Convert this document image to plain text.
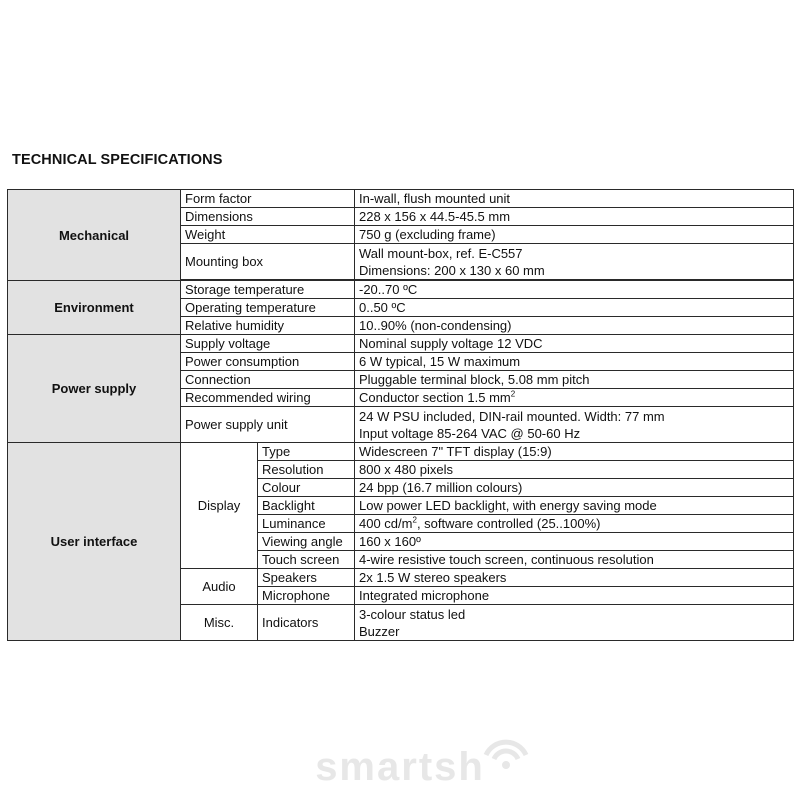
TECHNICAL SPECIFICATIONS
Mechanical	Form factor		In-wall, flush mounted unit
	Dimensions		228 x 156 x 44.5-45.5 mm
	Weight		750 g (excluding frame)
	Mounting box		Wall mount-box, ref. E-C557
Dimensions: 200 x 130 x 60 mm

Environment	Storage temperature		-20..70 ºC
	Operating temperature		0..50 ºC
	Relative humidity		10..90% (non-condensing)
Power supply	Supply voltage		Nominal supply voltage 12 VDC
	Power consumption		6 W typical, 15 W maximum
	Connection		Pluggable terminal block, 5.08 mm pitch
	Recommended wiring		Conductor section 1.5 $mm^2$
	Power supply unit		24 W PSU included, DIN-rail mounted. Width: 77 mm
Input voltage 85-264 VAC @ 50-60 Hz

User interface	Display	Type	Widescreen 7" TFT display (15:9)
		Resolution	800 x 480 pixels
		Colour	24 bpp (16.7 million colours)
		Backlight	Low power LED backlight, with energy saving mode
		Luminance	400 $cd/m^2$, software controlled (25..100%)
		Viewing angle	160 x 160º
		Touch screen	4-wire resistive touch screen, continuous resolution
	Audio	Speakers	2x 1.5 W stereo speakers
		Microphone	Integrated microphone
	Misc.	Indicators	3-colour status led
Buzzer
smartsh
